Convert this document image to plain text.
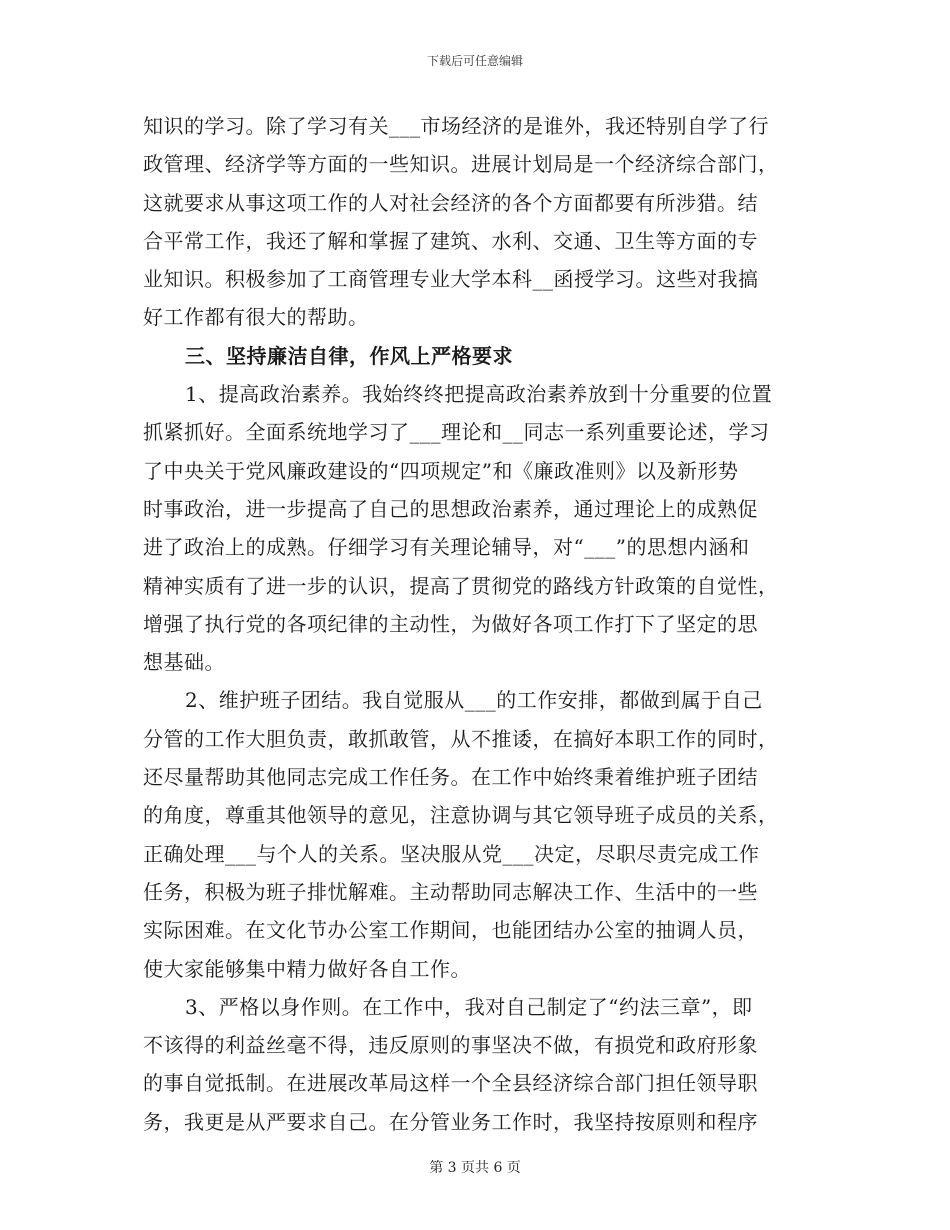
下载后可任意编辑
知识的学习。除了学习有关___市场经济的是谁外，我还特别自学了行
政管理、经济学等方面的一些知识。进展计划局是一个经济综合部门，
这就要求从事这项工作的人对社会经济的各个方面都要有所涉猎。结
合平常工作，我还了解和掌握了建筑、水利、交通、卫生等方面的专
业知识。积极参加了工商管理专业大学本科__函授学习。这些对我搞
好工作都有很大的帮助。
三、坚持廉洁自律，作风上严格要求
1、提高政治素养。我始终终把提高政治素养放到十分重要的位置
抓紧抓好。全面系统地学习了___理论和__同志一系列重要论述，学习
了中央关于党风廉政建设的“四项规定”和《廉政准则》以及新形势
时事政治，进一步提高了自己的思想政治素养，通过理论上的成熟促
进了政治上的成熟。仔细学习有关理论辅导，对“___”的思想内涵和
精神实质有了进一步的认识，提高了贯彻党的路线方针政策的自觉性，
增强了执行党的各项纪律的主动性，为做好各项工作打下了坚定的思
想基础。
2、维护班子团结。我自觉服从___的工作安排，都做到属于自己
分管的工作大胆负责，敢抓敢管，从不推诿，在搞好本职工作的同时，
还尽量帮助其他同志完成工作任务。在工作中始终秉着维护班子团结
的角度，尊重其他领导的意见，注意协调与其它领导班子成员的关系，
正确处理___与个人的关系。坚决服从党___决定，尽职尽责完成工作
任务，积极为班子排忧解难。主动帮助同志解决工作、生活中的一些
实际困难。在文化节办公室工作期间，也能团结办公室的抽调人员，
使大家能够集中精力做好各自工作。
3、严格以身作则。在工作中，我对自己制定了“约法三章”，即
不该得的利益丝毫不得，违反原则的事坚决不做，有损党和政府形象
的事自觉抵制。在进展改革局这样一个全县经济综合部门担任领导职
务，我更是从严要求自己。在分管业务工作时，我坚持按原则和程序
第 3 页共 6 页
